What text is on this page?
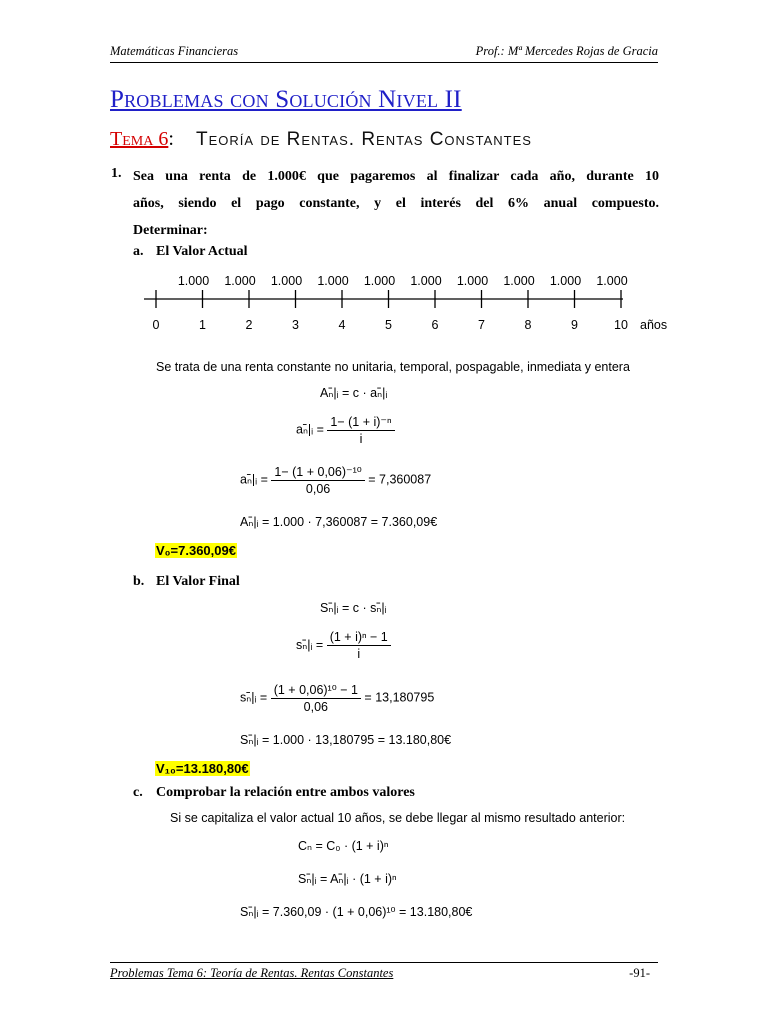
Matemáticas Financieras	Prof.: Mª Mercedes Rojas de Gracia
Problemas con Solución Nivel II
Tema 6: Teoría de Rentas. Rentas Constantes
1. Sea una renta de 1.000€ que pagaremos al finalizar cada año, durante 10
años, siendo el pago constante, y el interés del 6% anual compuesto.
Determinar:
a. El Valor Actual
1.000 1.000 1.000 1.000 1.000 1.000 1.000 1.000 1.000 1.000
0	1	2	3	4	5	6	7	8	9	10 años
Se trata de una renta constante no unitaria, temporal, pospagable, inmediata y entera
Aₙ̄|ᵢ = c · aₙ̄|ᵢ
aₙ̄|ᵢ = $\frac{\text{1− (1 + i)⁻ⁿ}}{i}$
aₙ̄|ᵢ = $\frac{\text{1− (1 + 0,06)⁻¹⁰}}{0,06} = 7,360087$
Aₙ̄|ᵢ = 1.000 · 7,360087 = 7.360,09€
V₀=7.360,09€
b. El Valor Final
Sₙ̄|ᵢ = c · sₙ̄|ᵢ
sₙ̄|ᵢ = $\frac{\text{(1 + i)ⁿ − 1}}{i}$
sₙ̄|ᵢ = $\frac{\text{(1 + 0,06)¹⁰ − 1}}{0,06} = 13,180795$
Sₙ̄|ᵢ = 1.000 · 13,180795 = 13.180,80€
V₁₀=13.180,80€
c. Comprobar la relación entre ambos valores
Si se capitaliza el valor actual 10 años, se debe llegar al mismo resultado anterior:
Cₙ = C₀ · (1 + i)ⁿ
Sₙ̄|ᵢ = Aₙ̄|ᵢ · (1 + i)ⁿ
Sₙ̄|ᵢ = 7.360,09 · (1 + 0,06)¹⁰ = 13.180,80€
Problemas Tema 6: Teoría de Rentas. Rentas Constantes	-91-
